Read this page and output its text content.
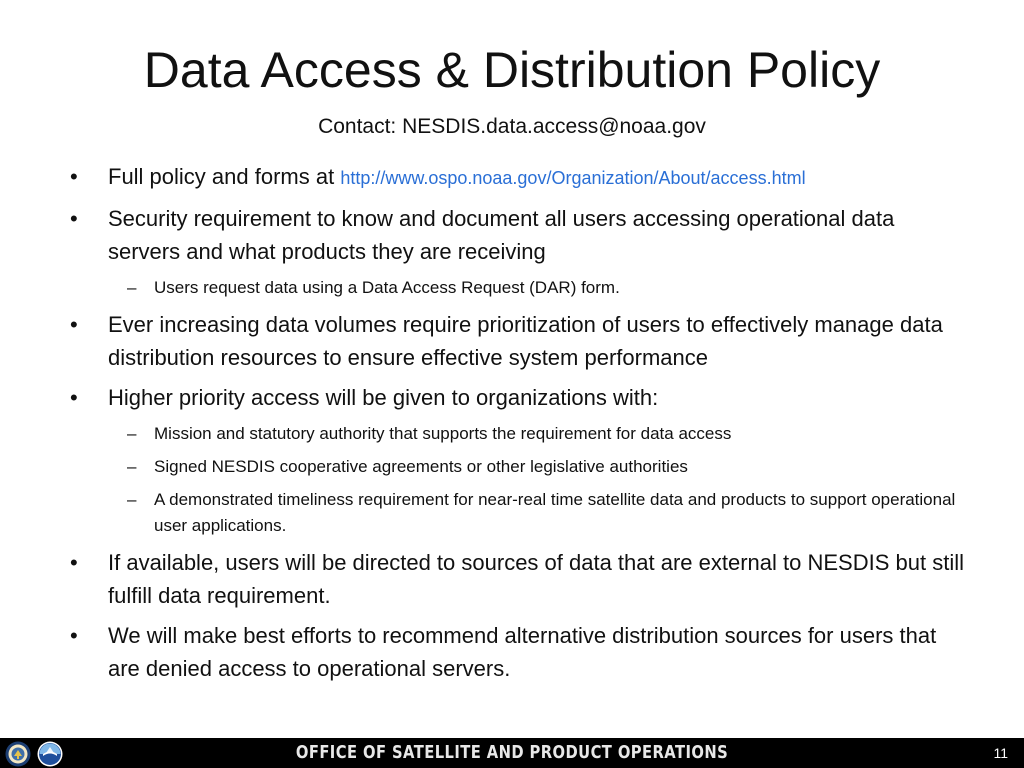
Data Access & Distribution Policy
Contact: NESDIS.data.access@noaa.gov
•	Full policy and forms at http://www.ospo.noaa.gov/Organization/About/access.html
•	Security requirement to know and document all users accessing operational data servers and what products they are receiving
– Users request data using a Data Access Request (DAR) form.
•	Ever increasing data volumes require prioritization of users to effectively manage data distribution resources to ensure effective system performance
•	Higher priority access will be given to organizations with:
– Mission and statutory authority that supports the requirement for data access
– Signed NESDIS cooperative agreements or other legislative authorities
– A demonstrated timeliness requirement for near-real time satellite data and products to support operational user applications.
•	If available, users will be directed to sources of data that are external to NESDIS but still fulfill data requirement.
•	We will make best efforts to recommend alternative distribution sources for users that are denied access to operational servers.
OFFICE OF SATELLITE AND PRODUCT OPERATIONS	11
